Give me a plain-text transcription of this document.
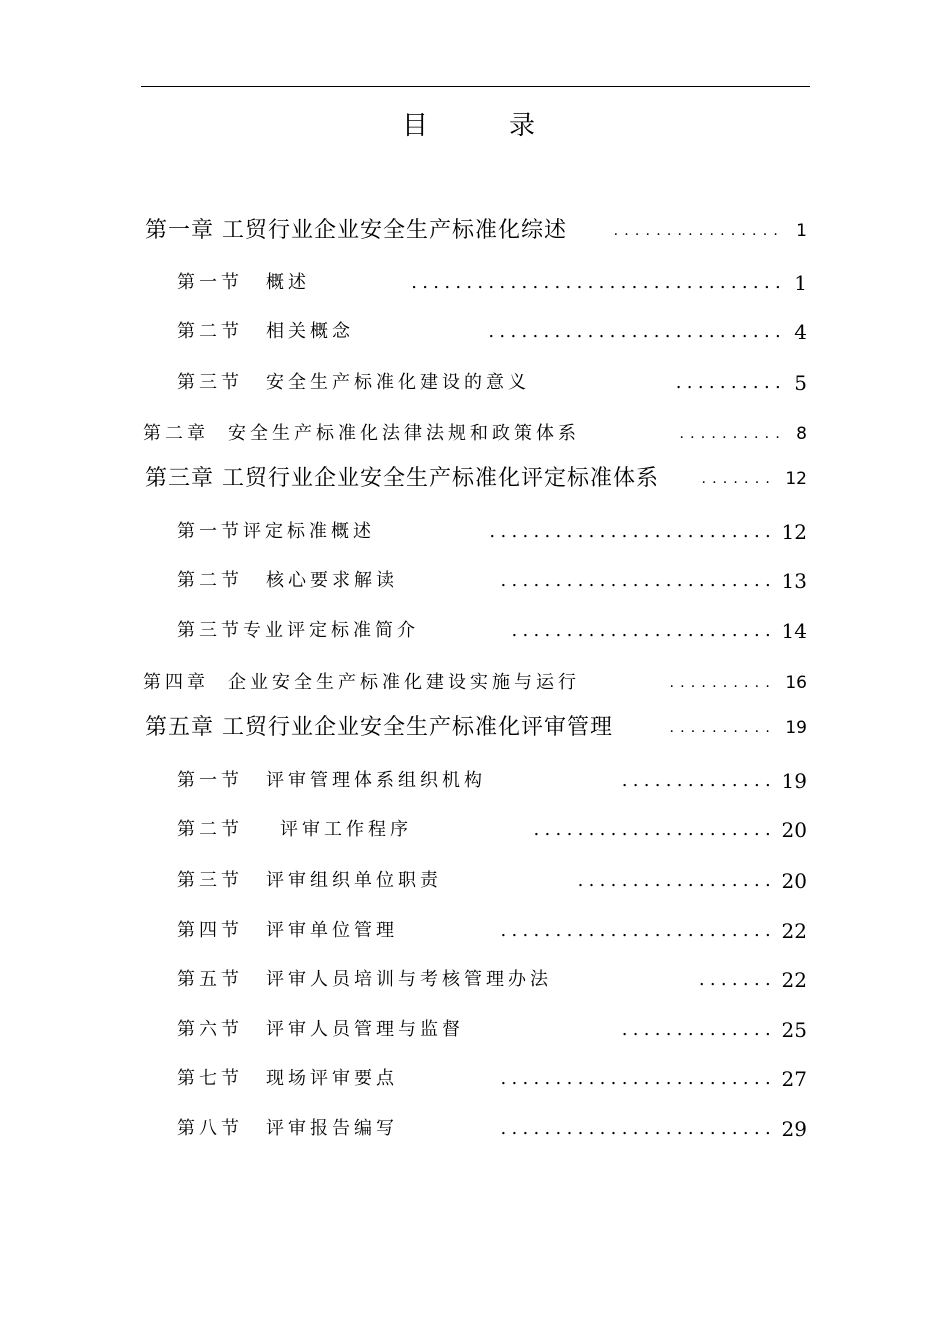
目	录
第一章 工贸行业企业安全生产标准化综述	................ 1
第一节 概述	.................................. 1
第二节 相关概念	........................... 4
第三节 安全生产标准化建设的意义	.......... 5
第二章 安全生产标准化法律法规和政策体系	.......... 8
第三章 工贸行业企业安全生产标准化评定标准体系	....... 12
第一节评定标准概述	.......................... 12
第二节 核心要求解读	......................... 13
第三节专业评定标准简介	........................ 14
第四章 企业安全生产标准化建设实施与运行	.......... 16
第五章 工贸行业企业安全生产标准化评审管理	.......... 19
第一节 评审管理体系组织机构	.............. 19
第二节 评审工作程序	...................... 20
第三节 评审组织单位职责	.................. 20
第四节 评审单位管理	......................... 22
第五节 评审人员培训与考核管理办法	....... 22
第六节 评审人员管理与监督	.............. 25
第七节 现场评审要点	......................... 27
第八节 评审报告编写	......................... 29
